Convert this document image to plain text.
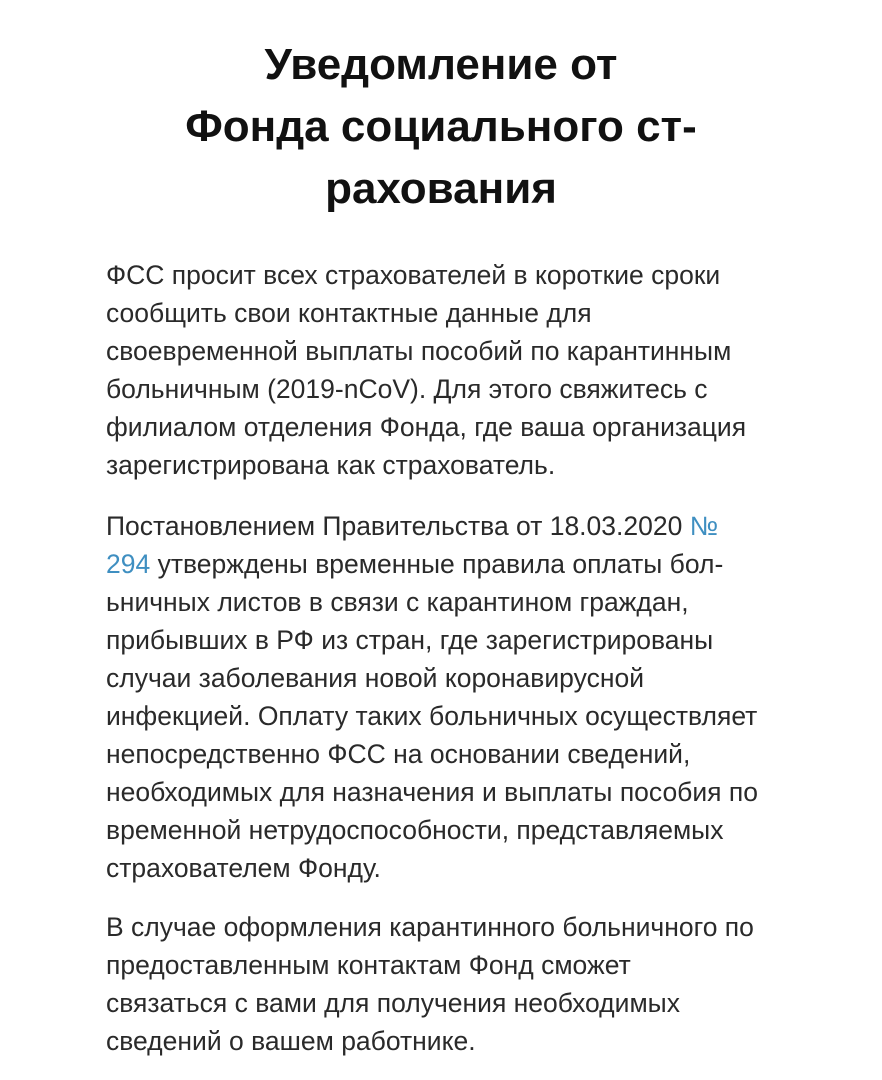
Уведомление от
Фонда социального ст-
рахования

ФСС просит всех страхователей в короткие сроки
сообщить свои контактные данные для
своевременной выплаты пособий по карантинным
больничным (2019-nCoV). Для этого свяжитесь с
филиалом отделения Фонда, где ваша организация
зарегистрирована как страхователь.

Постановлением Правительства от 18.03.2020 №
294 утверждены временные правила оплаты бол-
ьничных листов в связи с карантином граждан,
прибывших в РФ из стран, где зарегистрированы
случаи заболевания новой коронавирусной
инфекцией. Оплату таких больничных осуществляет
непосредственно ФСС на основании сведений,
необходимых для назначения и выплаты пособия по
временной нетрудоспособности, представляемых
страхователем Фонду.

В случае оформления карантинного больничного по
предоставленным контактам Фонд сможет
связаться с вами для получения необходимых
сведений о вашем работнике.
